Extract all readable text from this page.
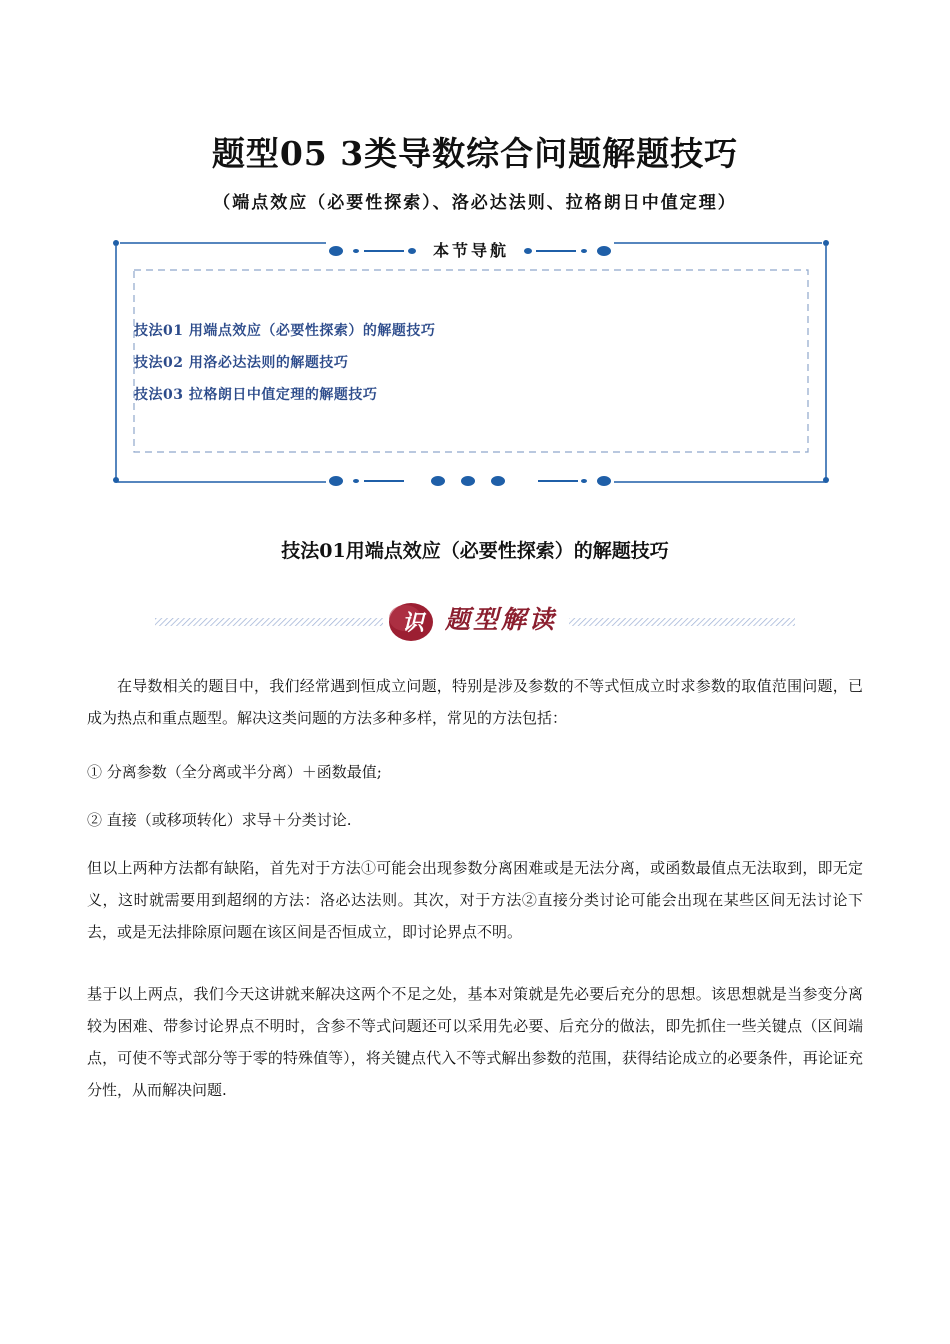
题型05 3类导数综合问题解题技巧
（端点效应（必要性探索）、洛必达法则、拉格朗日中值定理）
本节导航
技法01 用端点效应（必要性探索）的解题技巧
技法02 用洛必达法则的解题技巧
技法03 拉格朗日中值定理的解题技巧
技法01用端点效应（必要性探索）的解题技巧
识 题型解读
在导数相关的题目中，我们经常遇到恒成立问题，特别是涉及参数的不等式恒成立时求参数的取值范围问题，已成为热点和重点题型。解决这类问题的方法多种多样，常见的方法包括：
① 分离参数（全分离或半分离）＋函数最值;
② 直接（或移项转化）求导＋分类讨论.
但以上两种方法都有缺陷，首先对于方法①可能会出现参数分离困难或是无法分离，或函数最值点无法取到，即无定义，这时就需要用到超纲的方法：洛必达法则。其次，对于方法②直接分类讨论可能会出现在某些区间无法讨论下去，或是无法排除原问题在该区间是否恒成立，即讨论界点不明。
基于以上两点，我们今天这讲就来解决这两个不足之处，基本对策就是先必要后充分的思想。该思想就是当参变分离较为困难、带参讨论界点不明时，含参不等式问题还可以采用先必要、后充分的做法，即先抓住一些关键点（区间端点，可使不等式部分等于零的特殊值等），将关键点代入不等式解出参数的范围，获得结论成立的必要条件，再论证充分性，从而解决问题.
